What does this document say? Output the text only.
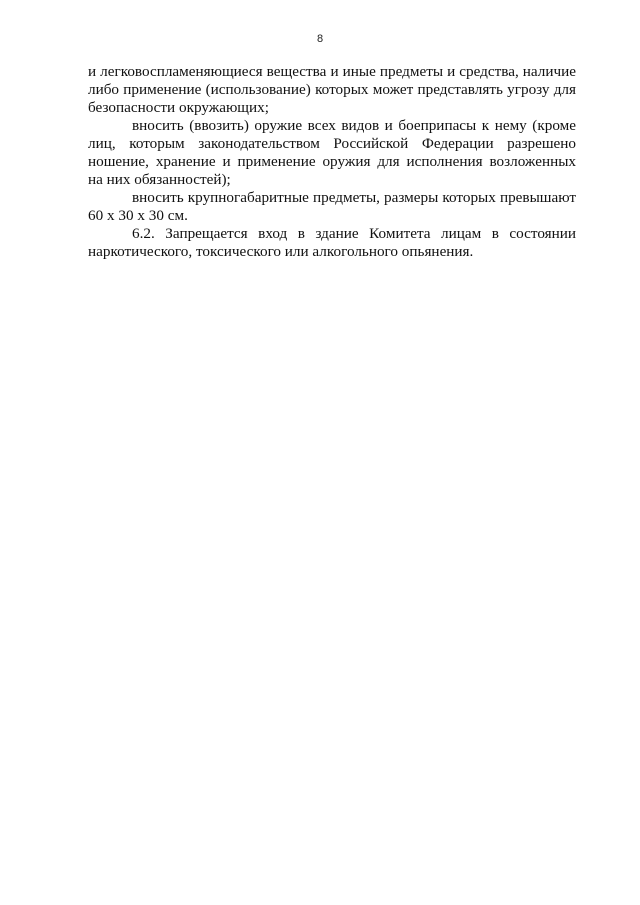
8
и легковоспламеняющиеся вещества и иные предметы и средства, наличие
либо применение (использование) которых может представлять угрозу для
безопасности окружающих;
вносить (ввозить) оружие всех видов и боеприпасы к нему (кроме
лиц, которым законодательством Российской Федерации разрешено
ношение, хранение и применение оружия для исполнения возложенных
на них обязанностей);
вносить крупногабаритные предметы, размеры которых превышают
60 х 30 х 30 см.
6.2. Запрещается вход в здание Комитета лицам в состоянии
наркотического, токсического или алкогольного опьянения.
